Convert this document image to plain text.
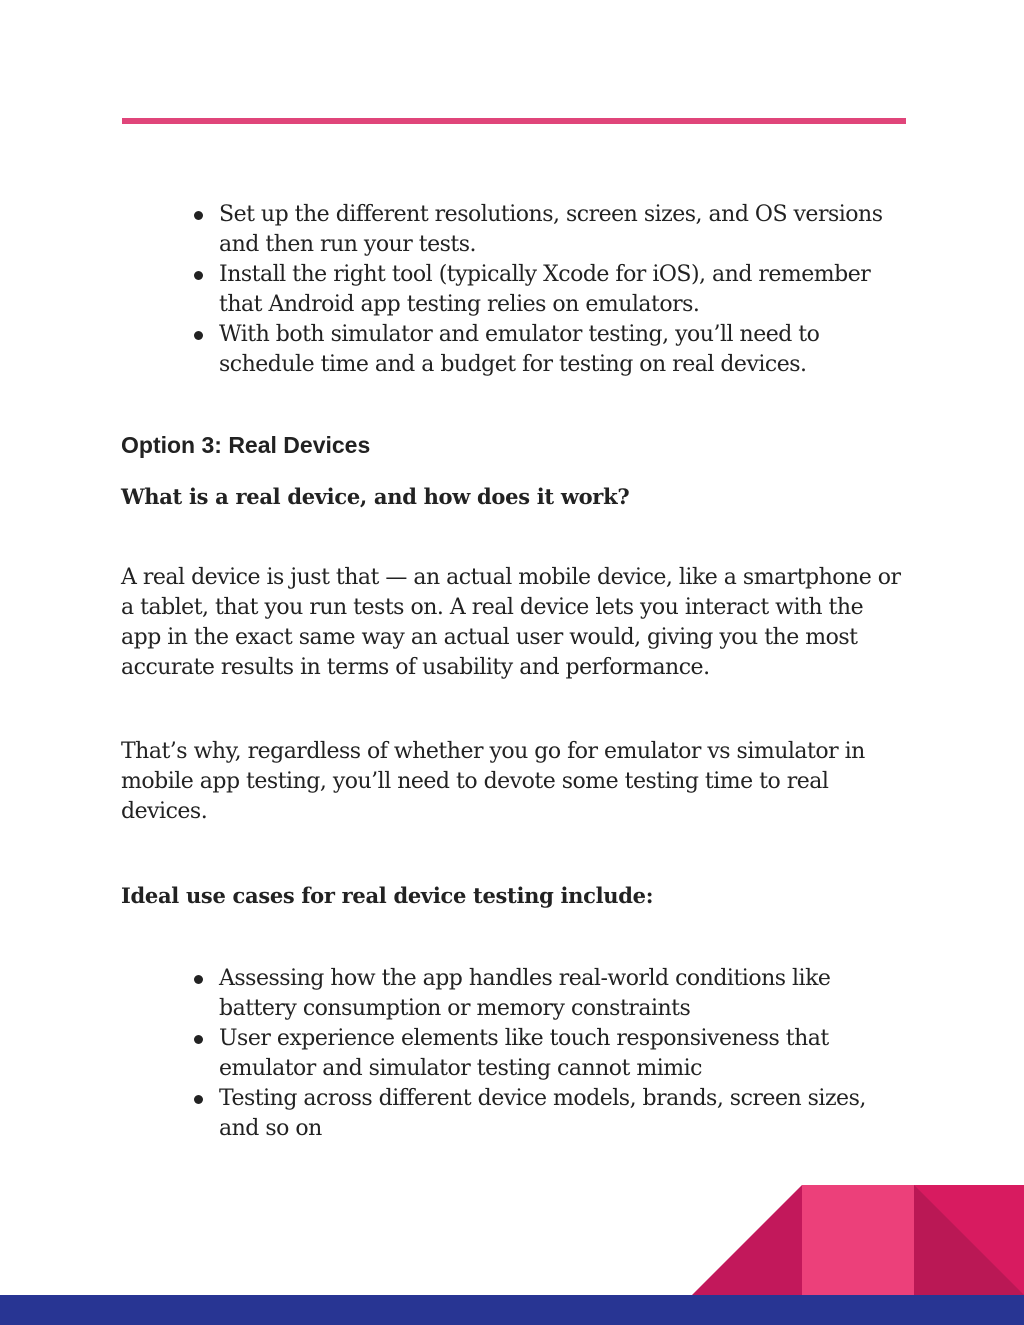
Set up the different resolutions, screen sizes, and OS versions and then run your tests.
Install the right tool (typically Xcode for iOS), and remember that Android app testing relies on emulators.
With both simulator and emulator testing, you’ll need to schedule time and a budget for testing on real devices.
Option 3: Real Devices
What is a real device, and how does it work?

A real device is just that — an actual mobile device, like a smartphone or a tablet, that you run tests on. A real device lets you interact with the app in the exact same way an actual user would, giving you the most accurate results in terms of usability and performance.

That’s why, regardless of whether you go for emulator vs simulator in mobile app testing, you’ll need to devote some testing time to real devices.

Ideal use cases for real device testing include:
Assessing how the app handles real-world conditions like battery consumption or memory constraints
User experience elements like touch responsiveness that emulator and simulator testing cannot mimic
Testing across different device models, brands, screen sizes, and so on
